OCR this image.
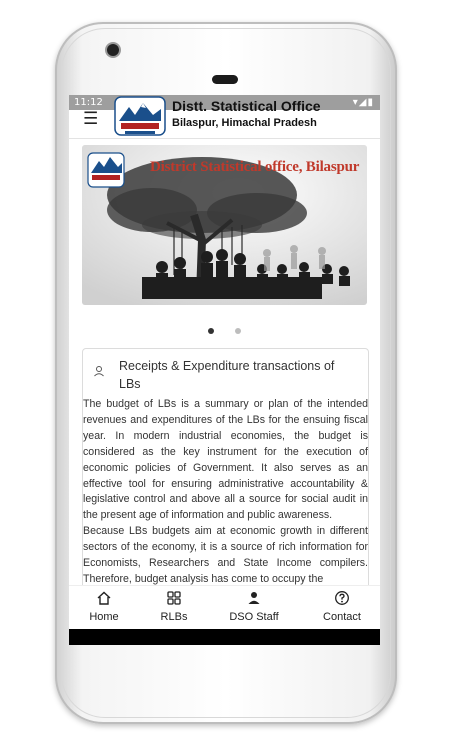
11:12	▾◢▮
☰
Distt. Statistical Office
Bilaspur, Himachal Pradesh
District Statistical office, Bilaspur

Receipts & Expenditure transactions of LBs

The budget of LBs is a summary or plan of the intended revenues and expenditures of the LBs for the ensuing fiscal year. In modern industrial economies, the budget is considered as the key instrument for the execution of economic policies of Government. It also serves as an effective tool for ensuring administrative accountability & legislative control and above all a source for social audit in the present age of information and public awareness.

Because LBs budgets aim at economic growth in different sectors of the economy, it is a source of rich information for Economists, Researchers and State Income compilers. Therefore, budget analysis has come to occupy the

Home	RLBs	DSO Staff	Contact
